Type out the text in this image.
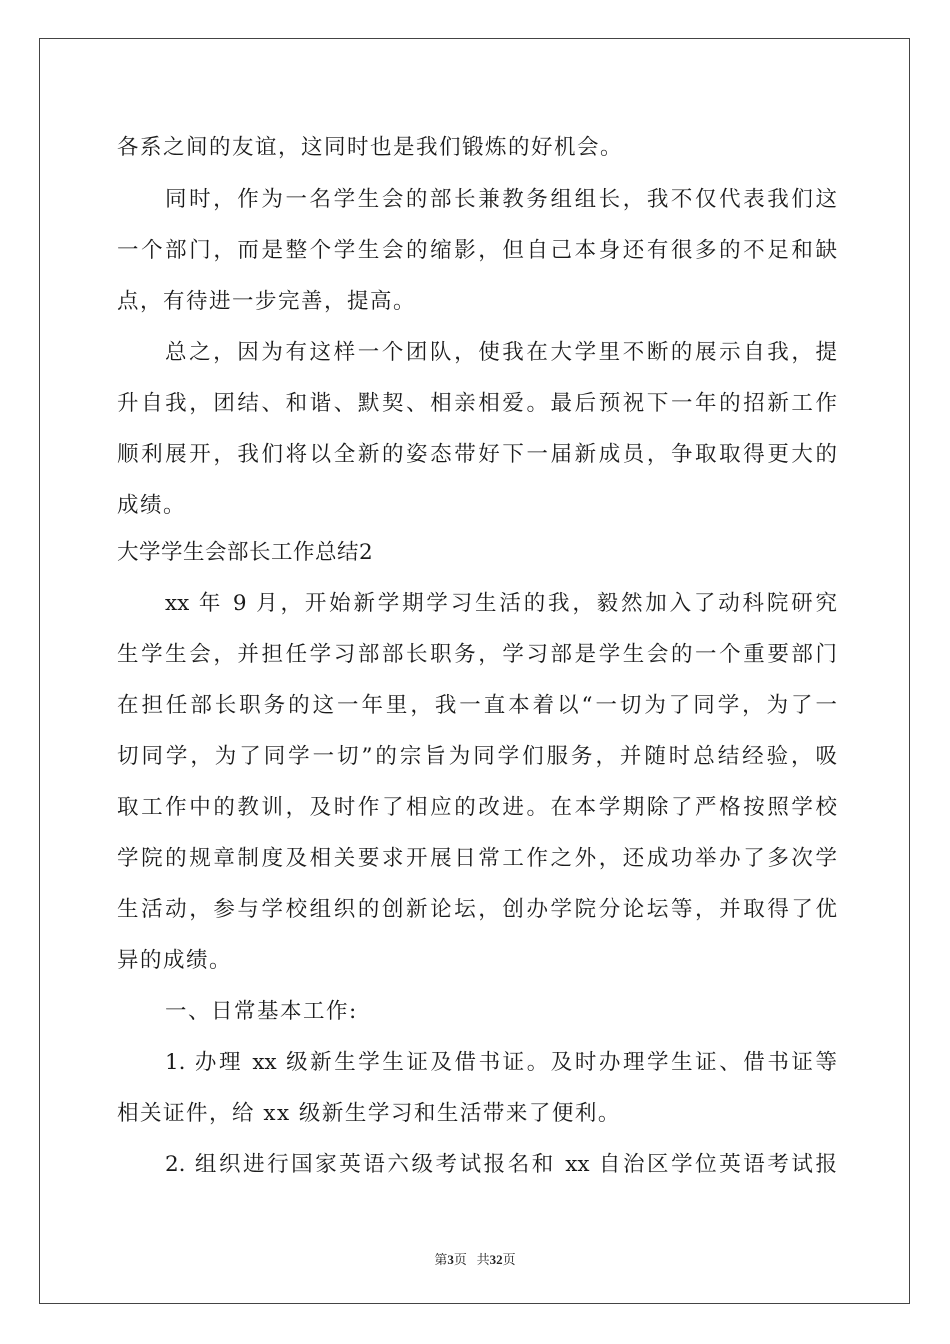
各系之间的友谊，这同时也是我们锻炼的好机会。
同时，作为一名学生会的部长兼教务组组长，我不仅代表我们这
一个部门，而是整个学生会的缩影，但自己本身还有很多的不足和缺
点，有待进一步完善，提高。
总之，因为有这样一个团队，使我在大学里不断的展示自我，提
升自我，团结、和谐、默契、相亲相爱。最后预祝下一年的招新工作
顺利展开，我们将以全新的姿态带好下一届新成员，争取取得更大的
成绩。
大学学生会部长工作总结2
xx 年 9 月，开始新学期学习生活的我，毅然加入了动科院研究
生学生会，并担任学习部部长职务，学习部是学生会的一个重要部门
在担任部长职务的这一年里，我一直本着以“一切为了同学，为了一
切同学，为了同学一切”的宗旨为同学们服务，并随时总结经验，吸
取工作中的教训，及时作了相应的改进。在本学期除了严格按照学校
学院的规章制度及相关要求开展日常工作之外，还成功举办了多次学
生活动，参与学校组织的创新论坛，创办学院分论坛等，并取得了优
异的成绩。
一、日常基本工作:
1. 办理 xx 级新生学生证及借书证。及时办理学生证、借书证等
相关证件，给 xx 级新生学习和生活带来了便利。
2. 组织进行国家英语六级考试报名和 xx 自治区学位英语考试报
第3页 共32页
